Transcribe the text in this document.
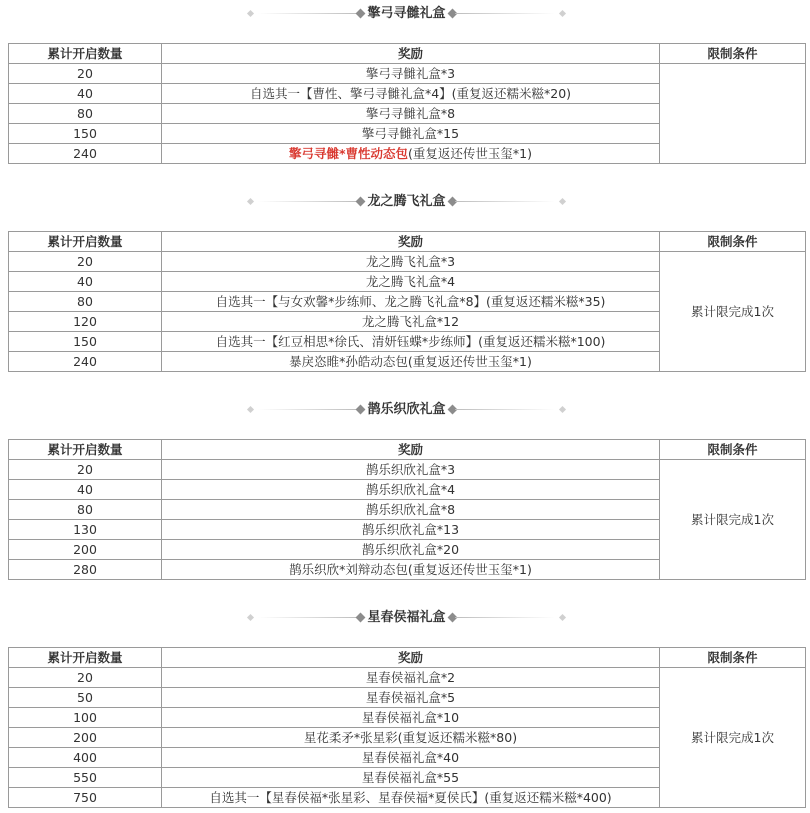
擎弓寻雠礼盒
累计开启数量	奖励	限制条件
20	擎弓寻雠礼盒*3	
40	自选其一【曹性、擎弓寻雠礼盒*4】(重复返还糯米糍*20)	
80	擎弓寻雠礼盒*8	
150	擎弓寻雠礼盒*15	
240	擎弓寻雠*曹性动态包(重复返还传世玉玺*1)	
龙之腾飞礼盒
累计开启数量	奖励	限制条件
20	龙之腾飞礼盒*3	累计限完成1次
40	龙之腾飞礼盒*4	
80	自选其一【与女欢馨*步练师、龙之腾飞礼盒*8】(重复返还糯米糍*35)	
120	龙之腾飞礼盒*12	
150	自选其一【红豆相思*徐氏、清妍钰蝶*步练师】(重复返还糯米糍*100)	
240	暴戾恣睢*孙皓动态包(重复返还传世玉玺*1)	
鹊乐织欣礼盒
累计开启数量	奖励	限制条件
20	鹊乐织欣礼盒*3	累计限完成1次
40	鹊乐织欣礼盒*4	
80	鹊乐织欣礼盒*8	
130	鹊乐织欣礼盒*13	
200	鹊乐织欣礼盒*20	
280	鹊乐织欣*刘辩动态包(重复返还传世玉玺*1)	
星春侯福礼盒
累计开启数量	奖励	限制条件
20	星春侯福礼盒*2	累计限完成1次
50	星春侯福礼盒*5	
100	星春侯福礼盒*10	
200	星花柔矛*张星彩(重复返还糯米糍*80)	
400	星春侯福礼盒*40	
550	星春侯福礼盒*55	
750	自选其一【星春侯福*张星彩、星春侯福*夏侯氏】(重复返还糯米糍*400)	
